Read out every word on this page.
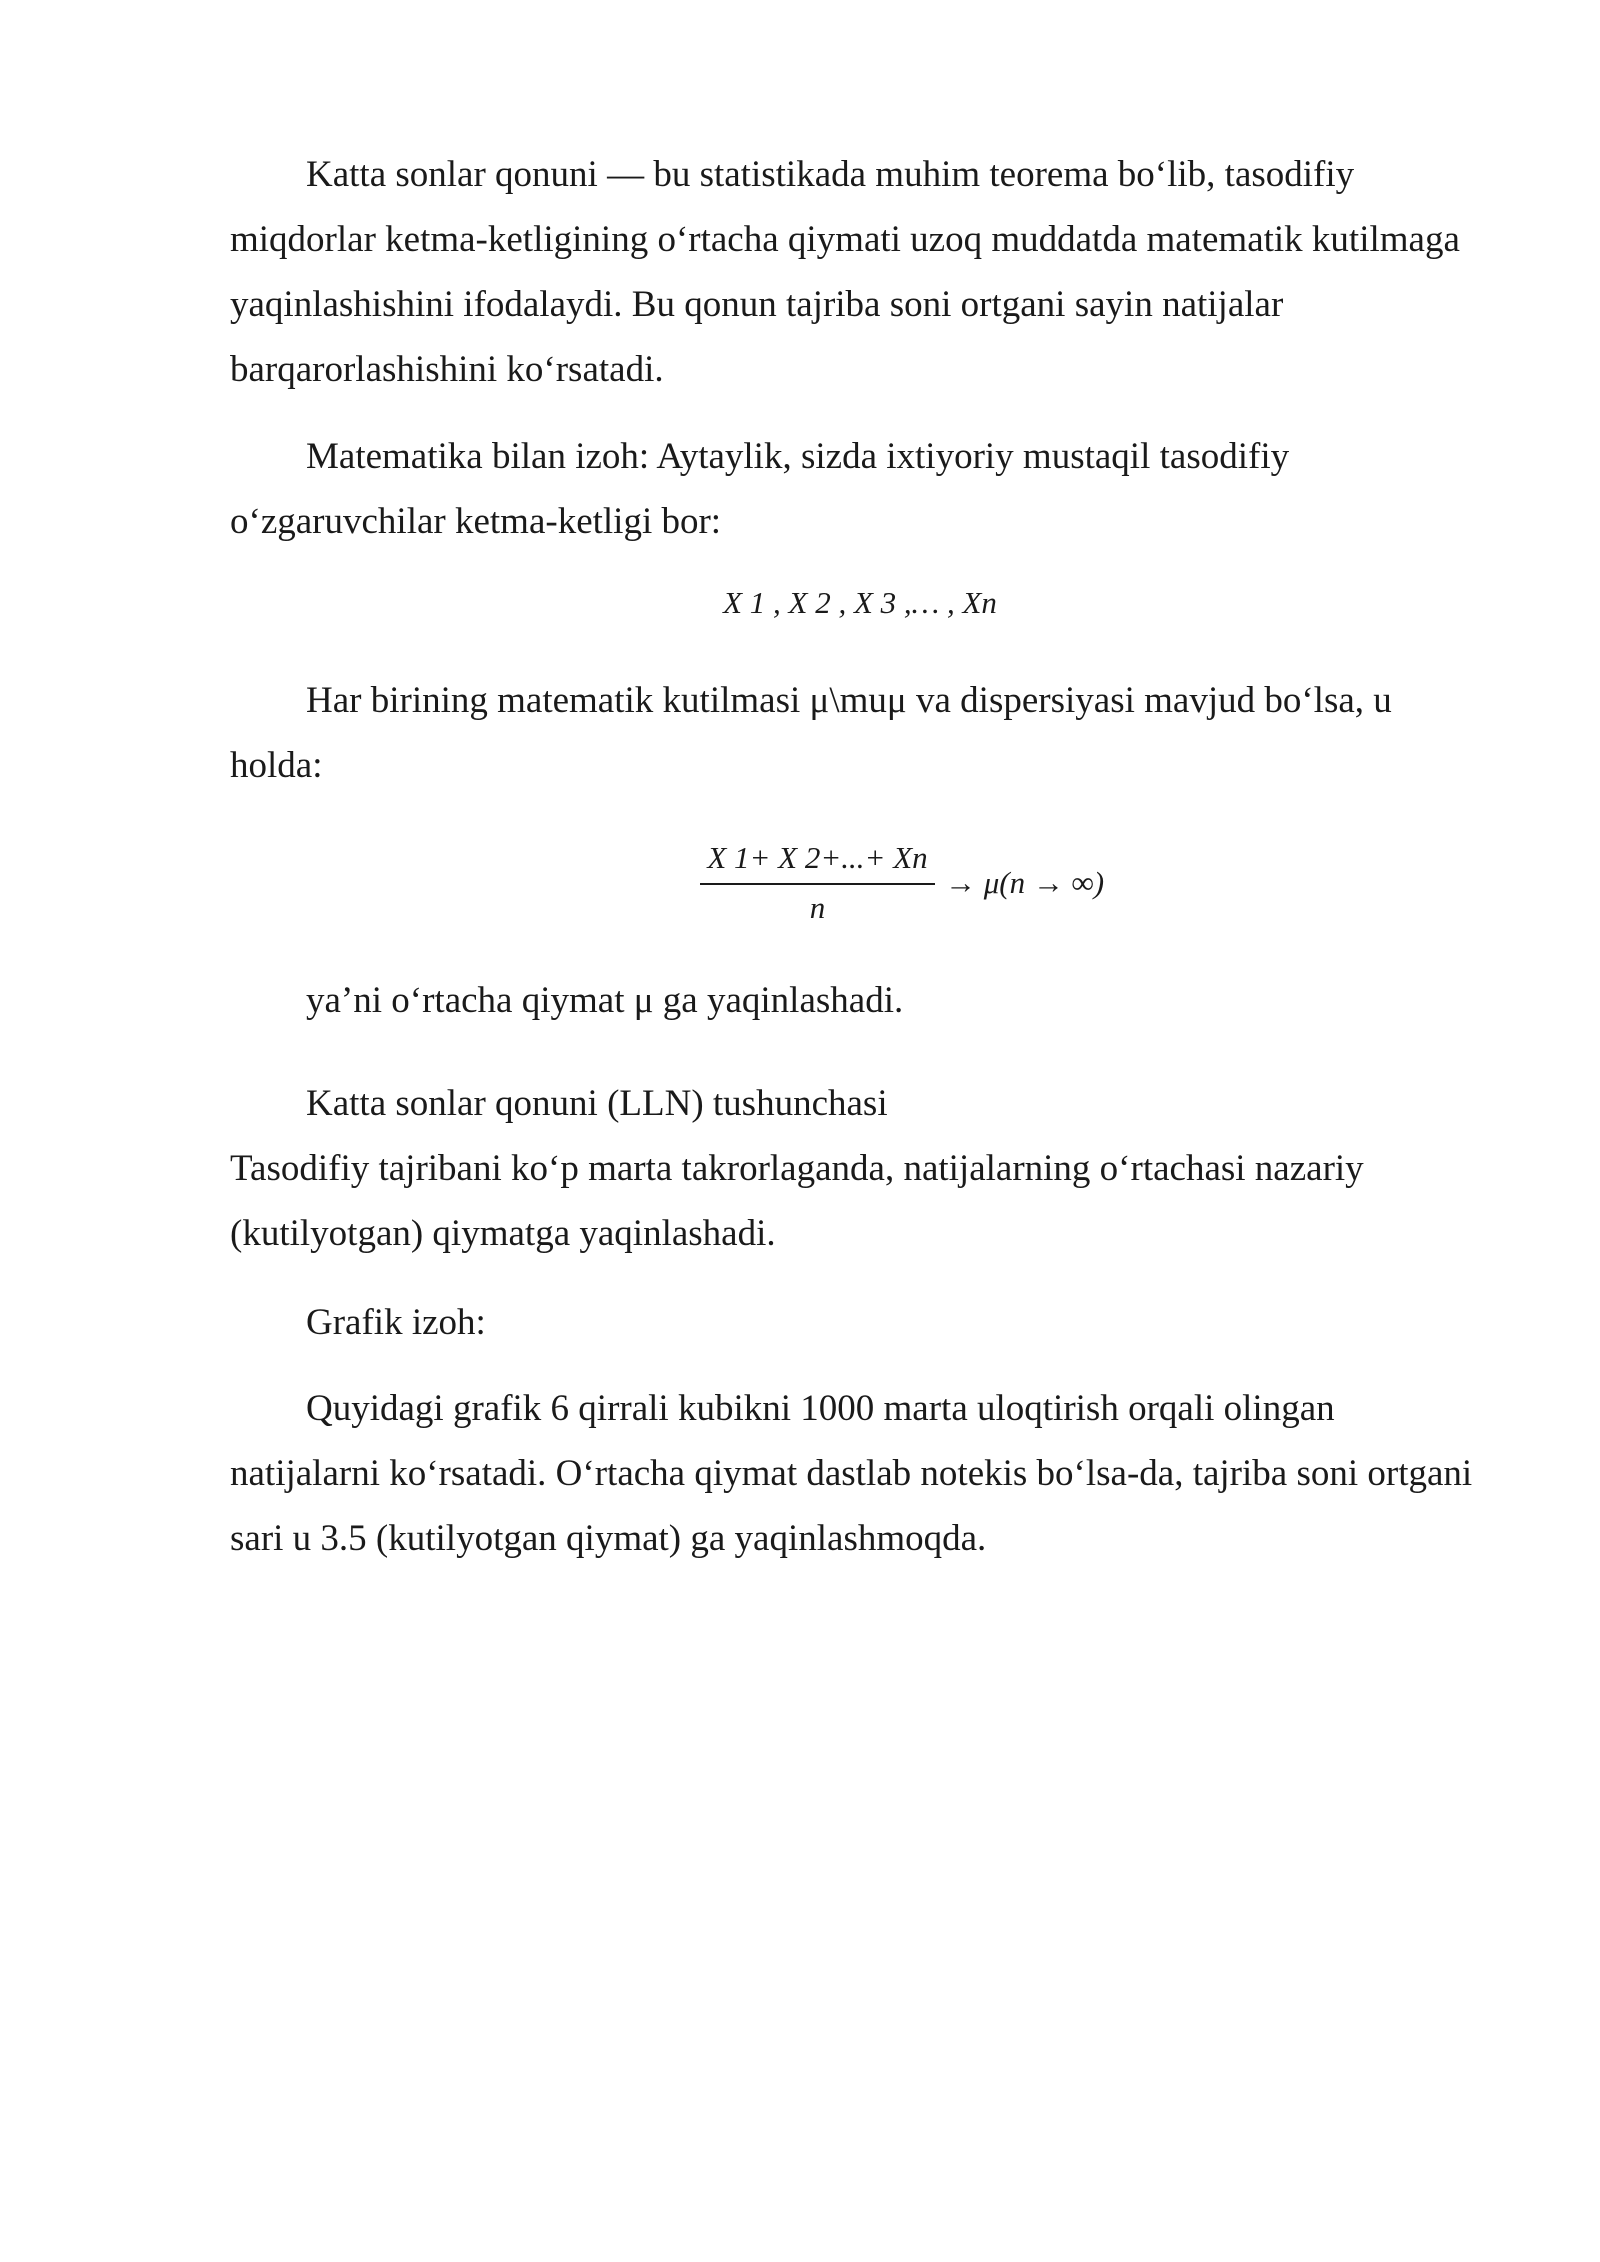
Katta sonlar qonuni — bu statistikada muhim teorema bo‘lib, tasodifiy miqdorlar ketma-ketligining o‘rtacha qiymati uzoq muddatda matematik kutilmaga yaqinlashishini ifodalaydi. Bu qonun tajriba soni ortgani sayin natijalar barqarorlashishini ko‘rsatadi.

Matematika bilan izoh: Aytaylik, sizda ixtiyoriy mustaqil tasodifiy o‘zgaruvchilar ketma-ketligi bor:

X 1 , X 2 , X 3 ,… , Xn

Har birining matematik kutilmasi μ\muμ va dispersiyasi mavjud bo‘lsa, u holda:

X 1+ X 2+...+ Xn
n
→ μ(n → ∞)

ya’ni o‘rtacha qiymat μ ga yaqinlashadi.

Katta sonlar qonuni (LLN) tushunchasi

Tasodifiy tajribani ko‘p marta takrorlaganda, natijalarning o‘rtachasi nazariy (kutilyotgan) qiymatga yaqinlashadi.

Grafik izoh:

Quyidagi grafik 6 qirrali kubikni 1000 marta uloqtirish orqali olingan natijalarni ko‘rsatadi. O‘rtacha qiymat dastlab notekis bo‘lsa-da, tajriba soni ortgani sari u 3.5 (kutilyotgan qiymat) ga yaqinlashmoqda.
